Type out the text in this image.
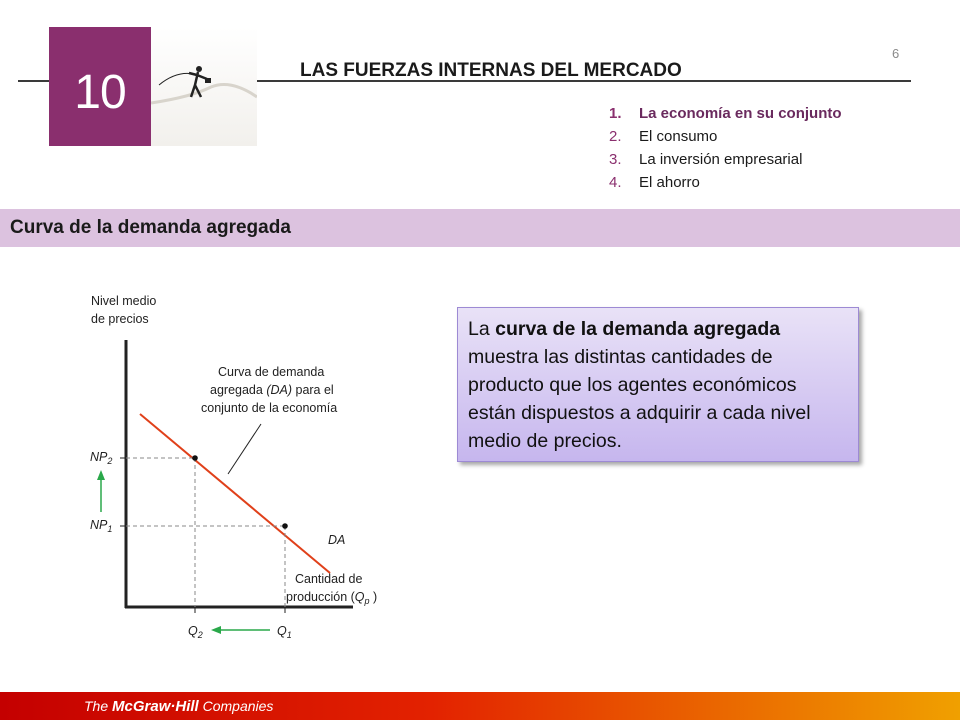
10	LAS FUERZAS INTERNAS DEL MERCADO
6
1. La economía en su conjunto
2. El consumo
3. La inversión empresarial
4. El ahorro
Curva de la demanda agregada
Nivel medio
de precios
$NP_2$
$NP_1$
Curva de demanda
agregada (DA) para el
conjunto de la economía
DA
Cantidad de
producción ($Q_p$ )
$Q_2$	$Q_1$
La curva de la demanda agregada muestra las distintas cantidades de producto que los agentes económicos están dispuestos a adquirir a cada nivel medio de precios.
The McGraw·Hill Companies
